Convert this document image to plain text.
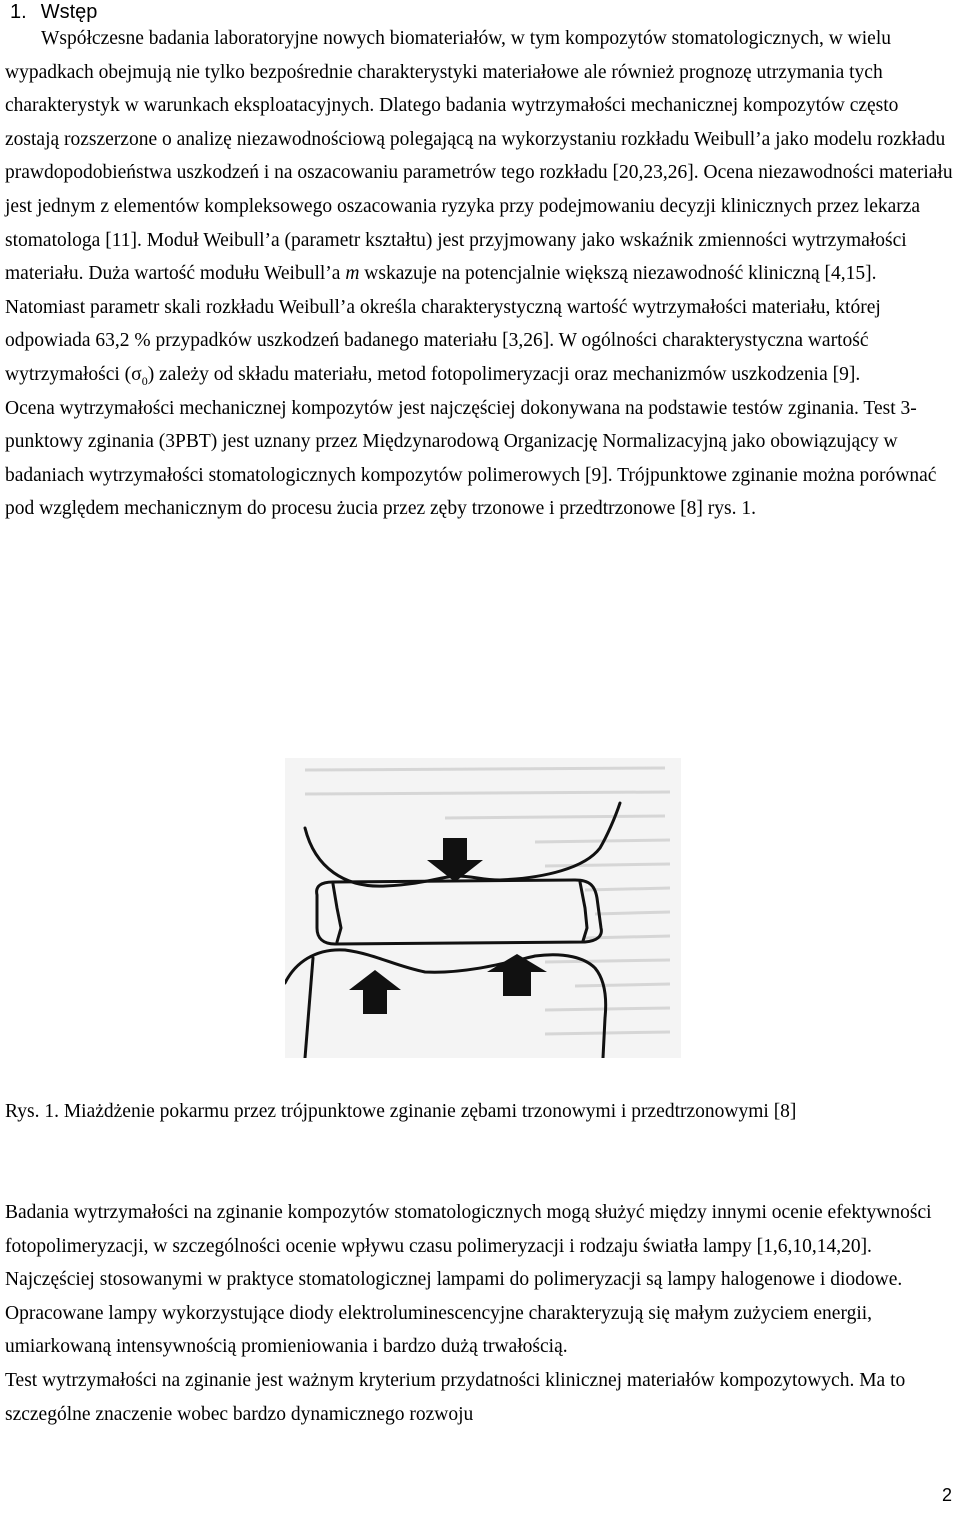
1. Wstęp

Współczesne badania laboratoryjne nowych biomateriałów, w tym kompozytów stomatologicznych, w wielu wypadkach obejmują nie tylko bezpośrednie charakterystyki materiałowe ale również prognozę utrzymania tych charakterystyk w warunkach eksploatacyjnych. Dlatego badania wytrzymałości mechanicznej kompozytów często zostają rozszerzone o analizę niezawodnościową polegającą na wykorzystaniu rozkładu Weibull’a jako modelu rozkładu prawdopodobieństwa uszkodzeń i na oszacowaniu parametrów tego rozkładu [20,23,26]. Ocena niezawodności materiału jest jednym z elementów kompleksowego oszacowania ryzyka przy podejmowaniu decyzji klinicznych przez lekarza stomatologa [11]. Moduł Weibull’a (parametr kształtu) jest przyjmowany jako wskaźnik zmienności wytrzymałości materiału. Duża wartość modułu Weibull’a m wskazuje na potencjalnie większą niezawodność kliniczną [4,15]. Natomiast parametr skali rozkładu Weibull’a określa charakterystyczną wartość wytrzymałości materiału, której odpowiada 63,2 % przypadków uszkodzeń badanego materiału [3,26]. W ogólności charakterystyczna wartość wytrzymałości $(\sigma_0)$ zależy od składu materiału, metod fotopolimeryzacji oraz mechanizmów uszkodzenia [9].

Ocena wytrzymałości mechanicznej kompozytów jest najczęściej dokonywana na podstawie testów zginania. Test 3-punktowy zginania (3PBT) jest uznany przez Międzynarodową Organizację Normalizacyjną jako obowiązujący w badaniach wytrzymałości stomatologicznych kompozytów polimerowych [9]. Trójpunktowe zginanie można porównać pod względem mechanicznym do procesu żucia przez zęby trzonowe i przedtrzonowe [8] rys. 1.

Rys. 1. Miażdżenie pokarmu przez trójpunktowe zginanie zębami trzonowymi i przedtrzonowymi [8]

Badania wytrzymałości na zginanie kompozytów stomatologicznych mogą służyć między innymi ocenie efektywności fotopolimeryzacji, w szczególności ocenie wpływu czasu polimeryzacji i rodzaju światła lampy [1,6,10,14,20]. Najczęściej stosowanymi w praktyce stomatologicznej lampami do polimeryzacji są lampy halogenowe i diodowe. Opracowane lampy wykorzystujące diody elektroluminescencyjne charakteryzują się małym zużyciem energii, umiarkowaną intensywnością promieniowania i bardzo dużą trwałością.

Test wytrzymałości na zginanie jest ważnym kryterium przydatności klinicznej materiałów kompozytowych. Ma to szczególne znaczenie wobec bardzo dynamicznego rozwoju

2
